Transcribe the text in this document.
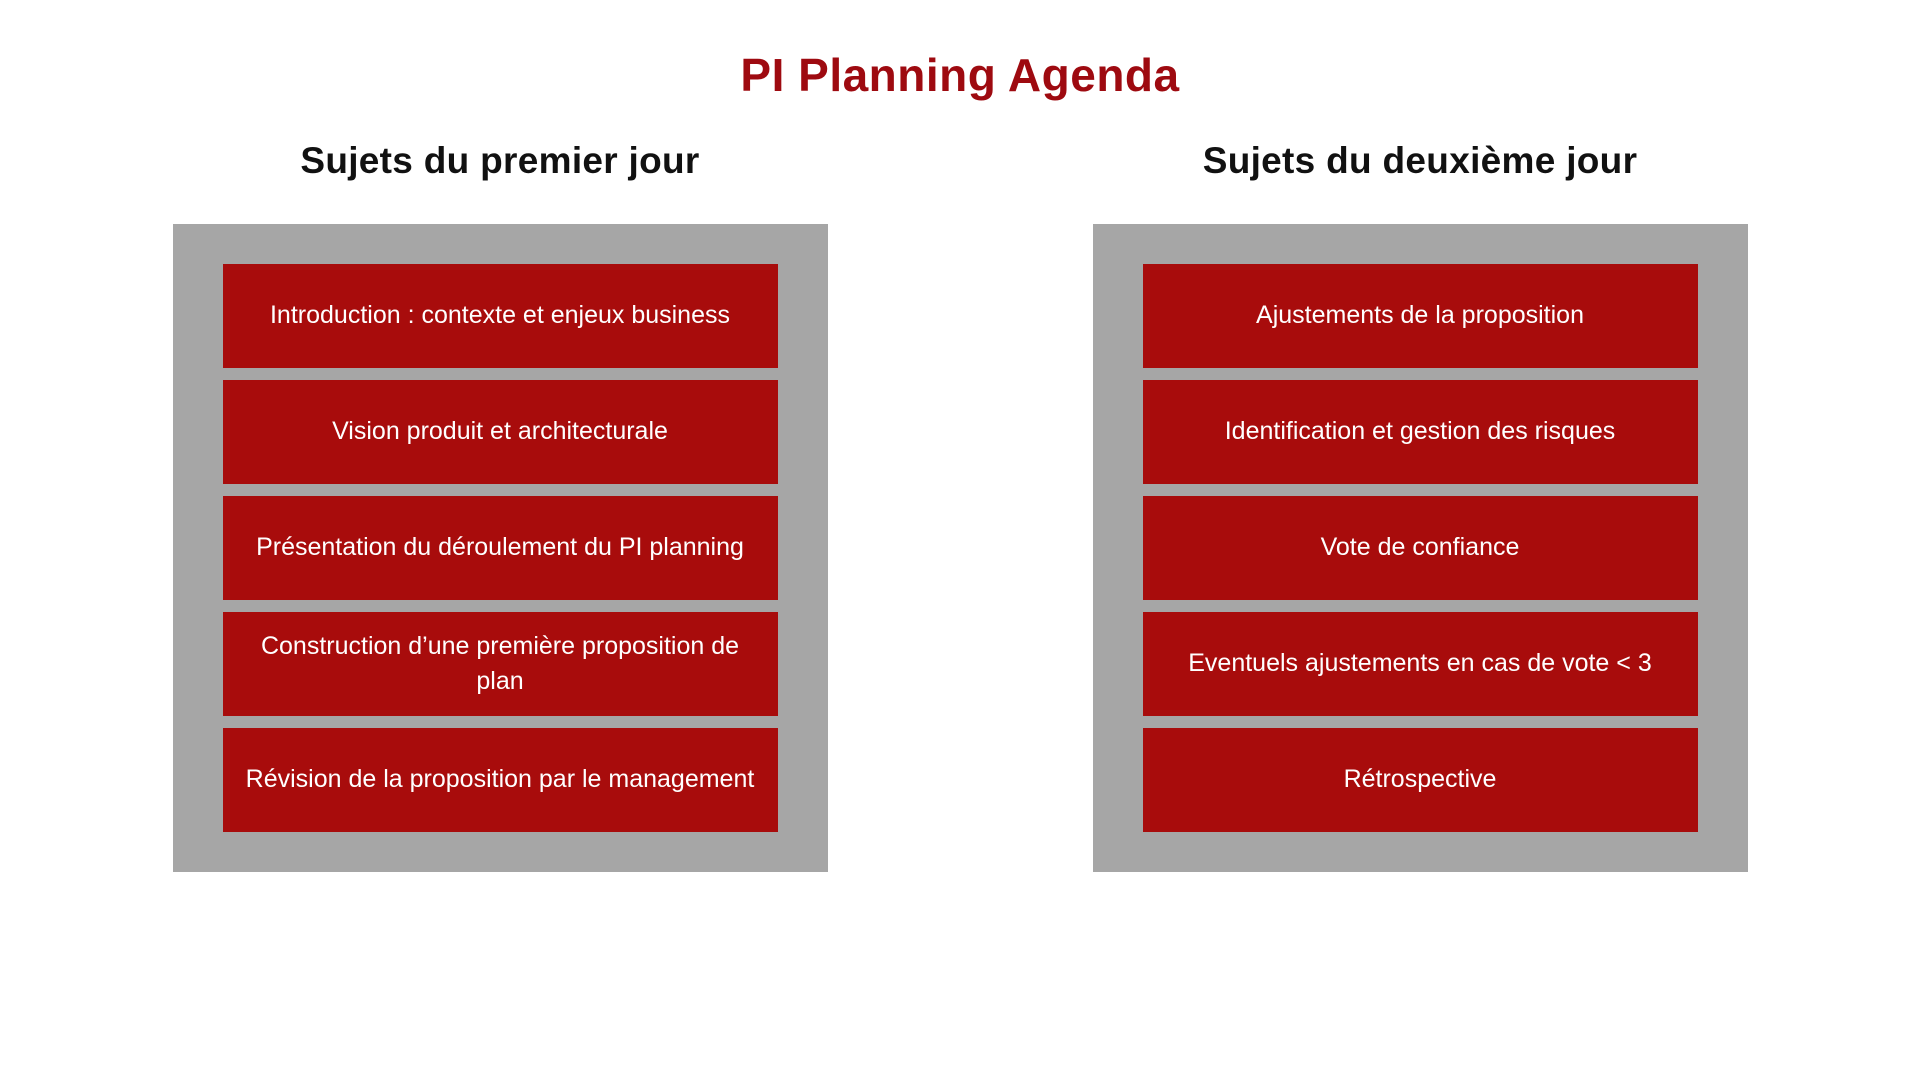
PI Planning Agenda
Sujets du premier jour
Introduction : contexte et enjeux business
Vision produit et architecturale
Présentation du déroulement du PI planning
Construction d’une première proposition de plan
Révision de la proposition par le management
Sujets du deuxième jour
Ajustements de la proposition
Identification et gestion des risques
Vote de confiance
Eventuels ajustements en cas de vote < 3
Rétrospective
